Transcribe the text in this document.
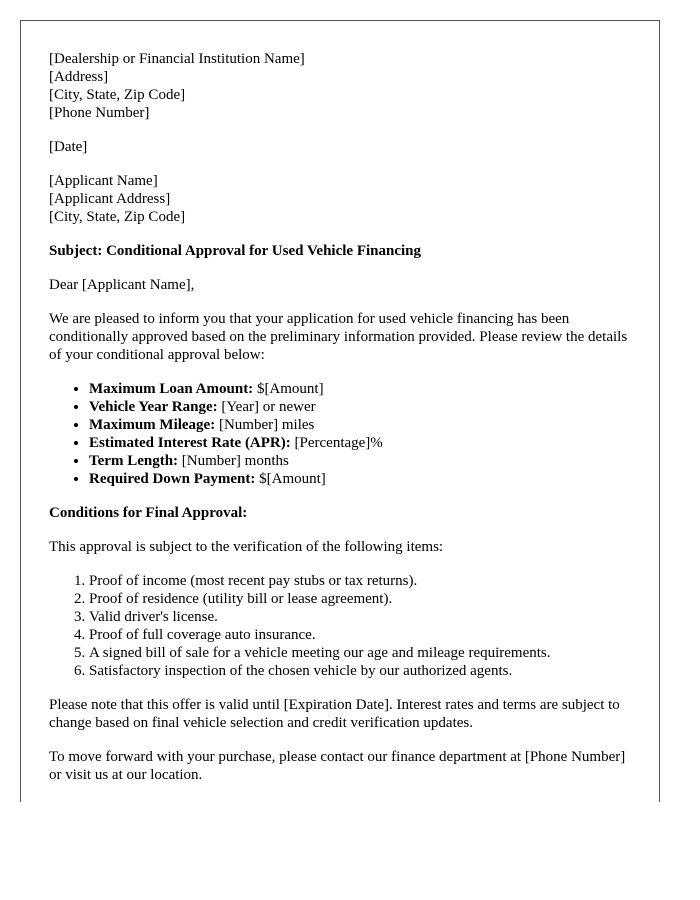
[Dealership or Financial Institution Name]
[Address]
[City, State, Zip Code]
[Phone Number]

[Date]

[Applicant Name]
[Applicant Address]
[City, State, Zip Code]

Subject: Conditional Approval for Used Vehicle Financing

Dear [Applicant Name],

We are pleased to inform you that your application for used vehicle financing has been conditionally approved based on the preliminary information provided. Please review the details of your conditional approval below:

• Maximum Loan Amount: $[Amount]
• Vehicle Year Range: [Year] or newer
• Maximum Mileage: [Number] miles
• Estimated Interest Rate (APR): [Percentage]%
• Term Length: [Number] months
• Required Down Payment: $[Amount]

Conditions for Final Approval:

This approval is subject to the verification of the following items:

1. Proof of income (most recent pay stubs or tax returns).
2. Proof of residence (utility bill or lease agreement).
3. Valid driver's license.
4. Proof of full coverage auto insurance.
5. A signed bill of sale for a vehicle meeting our age and mileage requirements.
6. Satisfactory inspection of the chosen vehicle by our authorized agents.

Please note that this offer is valid until [Expiration Date]. Interest rates and terms are subject to change based on final vehicle selection and credit verification updates.

To move forward with your purchase, please contact our finance department at [Phone Number] or visit us at our location.
